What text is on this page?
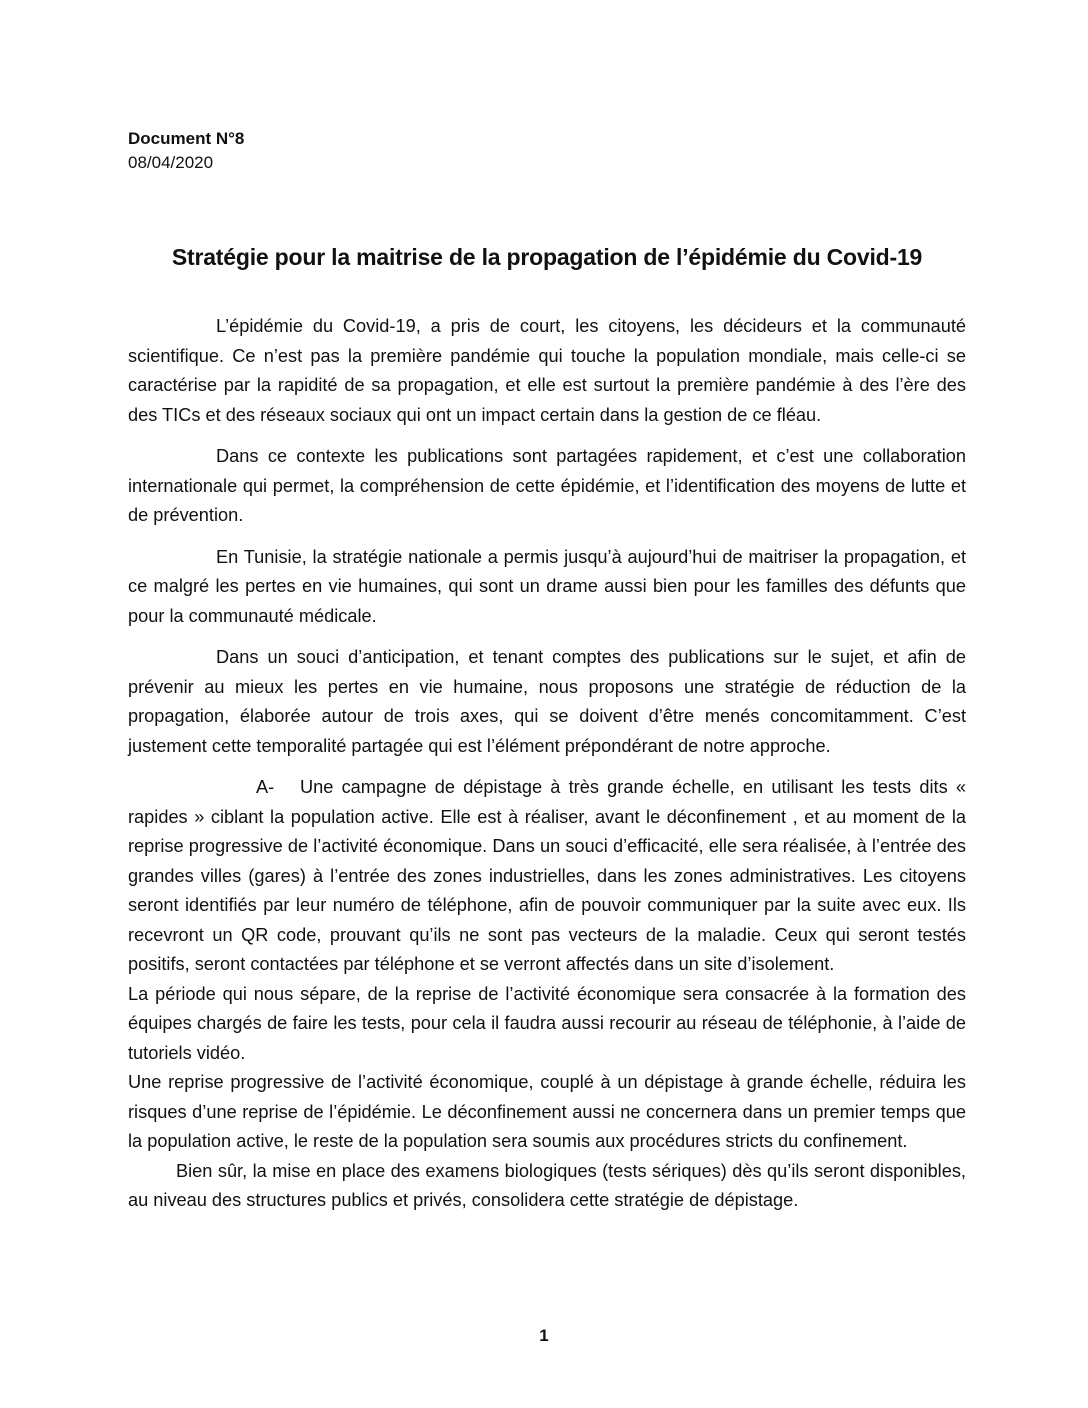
Document N°8
08/04/2020
Stratégie pour la maitrise de la propagation de l’épidémie du Covid-19

L’épidémie du Covid-19, a pris de court, les citoyens, les décideurs et la communauté scientifique. Ce n’est pas la première pandémie qui touche la population mondiale, mais celle-ci se caractérise par la rapidité de sa propagation, et elle est surtout la première pandémie à des l’ère des des TICs et des réseaux sociaux qui ont un impact certain dans la gestion de ce fléau.

Dans ce contexte les publications sont partagées rapidement, et c’est une collaboration internationale qui permet, la compréhension de cette épidémie, et l’identification des moyens de lutte et de prévention.

En Tunisie, la stratégie nationale a permis jusqu’à aujourd’hui de maitriser la propagation, et ce malgré les pertes en vie humaines, qui sont un drame aussi bien pour les familles des défunts que pour la communauté médicale.

Dans un souci d’anticipation, et tenant comptes des publications sur le sujet, et afin de prévenir au mieux les pertes en vie humaine, nous proposons une stratégie de réduction de la propagation, élaborée autour de trois axes, qui se doivent d’être menés concomitamment. C’est justement cette temporalité partagée qui est l’élément prépondérant de notre approche.

A- Une campagne de dépistage à très grande échelle, en utilisant les tests dits « rapides » ciblant la population active. Elle est à réaliser, avant le déconfinement , et au moment de la reprise progressive de l’activité économique. Dans un souci d’efficacité, elle sera réalisée, à l’entrée des grandes villes (gares) à l’entrée des zones industrielles, dans les zones administratives. Les citoyens seront identifiés par leur numéro de téléphone, afin de pouvoir communiquer par la suite avec eux. Ils recevront un QR code, prouvant qu’ils ne sont pas vecteurs de la maladie. Ceux qui seront testés positifs, seront contactées par téléphone et se verront affectés dans un site d’isolement.

La période qui nous sépare, de la reprise de l’activité économique sera consacrée à la formation des équipes chargés de faire les tests, pour cela il faudra aussi recourir au réseau de téléphonie, à l’aide de tutoriels vidéo.

Une reprise progressive de l’activité économique, couplé à un dépistage à grande échelle, réduira les risques d’une reprise de l’épidémie. Le déconfinement aussi ne concernera dans un premier temps que la population active, le reste de la population sera soumis aux procédures stricts du confinement.

Bien sûr, la mise en place des examens biologiques (tests sériques) dès qu’ils seront disponibles, au niveau des structures publics et privés, consolidera cette stratégie de dépistage.

1
